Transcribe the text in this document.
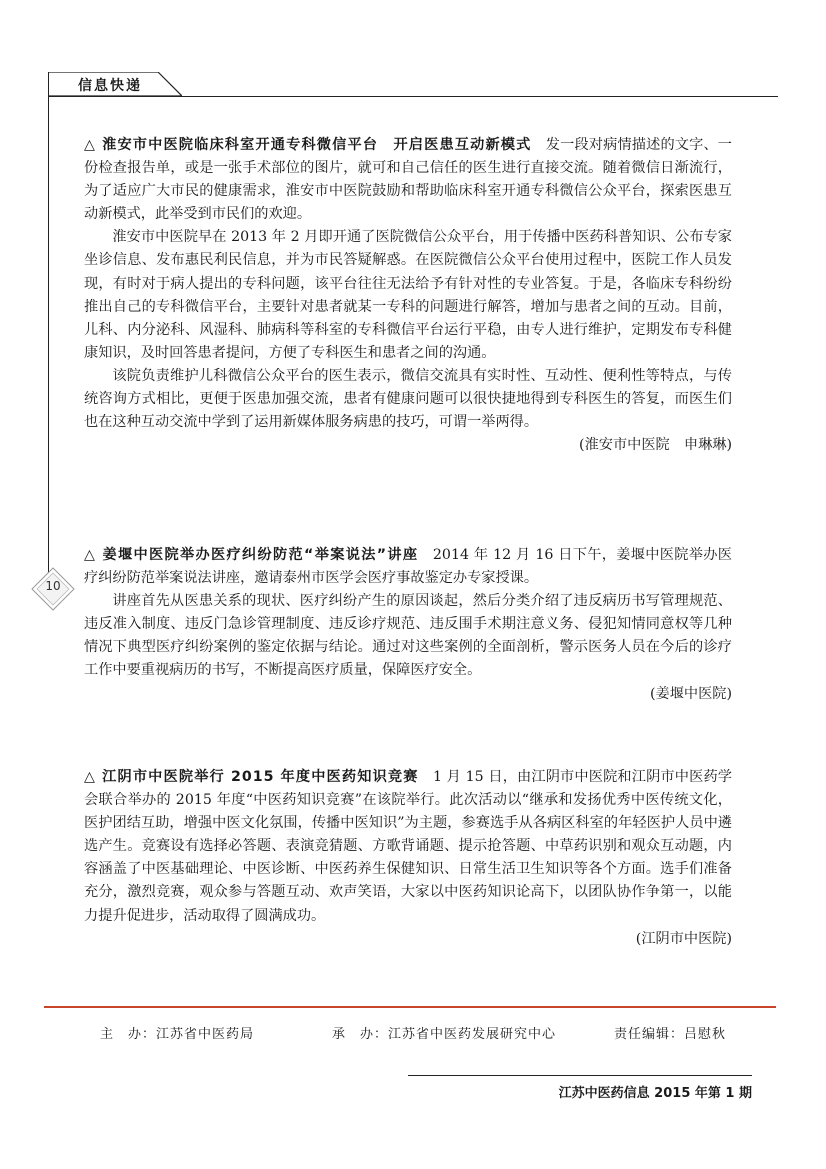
信息快递
10

△ 淮安市中医院临床科室开通专科微信平台　开启医患互动新模式　 发一段对病情描述的文字、一份检查报告单，或是一张手术部位的图片，就可和自己信任的医生进行直接交流。随着微信日渐流行，为了适应广大市民的健康需求，淮安市中医院鼓励和帮助临床科室开通专科微信公众平台，探索医患互动新模式，此举受到市民们的欢迎。

淮安市中医院早在 2013 年 2 月即开通了医院微信公众平台，用于传播中医药科普知识、公布专家坐诊信息、发布惠民利民信息，并为市民答疑解惑。在医院微信公众平台使用过程中，医院工作人员发现，有时对于病人提出的专科问题，该平台往往无法给予有针对性的专业答复。于是，各临床专科纷纷推出自己的专科微信平台，主要针对患者就某一专科的问题进行解答，增加与患者之间的互动。目前，儿科、内分泌科、风湿科、肺病科等科室的专科微信平台运行平稳，由专人进行维护，定期发布专科健康知识，及时回答患者提问，方便了专科医生和患者之间的沟通。

该院负责维护儿科微信公众平台的医生表示，微信交流具有实时性、互动性、便利性等特点，与传统咨询方式相比，更便于医患加强交流，患者有健康问题可以很快捷地得到专科医生的答复，而医生们也在这种互动交流中学到了运用新媒体服务病患的技巧，可谓一举两得。

(淮安市中医院　申琳琳)

△ 姜堰中医院举办医疗纠纷防范“举案说法”讲座　 2014 年 12 月 16 日下午，姜堰中医院举办医疗纠纷防范举案说法讲座，邀请泰州市医学会医疗事故鉴定办专家授课。

讲座首先从医患关系的现状、医疗纠纷产生的原因谈起，然后分类介绍了违反病历书写管理规范、违反准入制度、违反门急诊管理制度、违反诊疗规范、违反围手术期注意义务、侵犯知情同意权等几种情况下典型医疗纠纷案例的鉴定依据与结论。通过对这些案例的全面剖析，警示医务人员在今后的诊疗工作中要重视病历的书写，不断提高医疗质量，保障医疗安全。

(姜堰中医院)

△ 江阴市中医院举行 2015 年度中医药知识竞赛　 1 月 15 日，由江阴市中医院和江阴市中医药学会联合举办的 2015 年度“中医药知识竞赛”在该院举行。此次活动以“继承和发扬优秀中医传统文化，医护团结互助，增强中医文化氛围，传播中医知识”为主题，参赛选手从各病区科室的年轻医护人员中遴选产生。竞赛设有选择必答题、表演竞猜题、方歌背诵题、提示抢答题、中草药识别和观众互动题，内容涵盖了中医基础理论、中医诊断、中医药养生保健知识、日常生活卫生知识等各个方面。选手们准备充分，激烈竞赛，观众参与答题互动、欢声笑语，大家以中医药知识论高下，以团队协作争第一，以能力提升促进步，活动取得了圆满成功。

(江阴市中医院)
主　办：江苏省中医药局	承　办：江苏省中医药发展研究中心	责任编辑：吕慰秋
江苏中医药信息 2015 年第 1 期
